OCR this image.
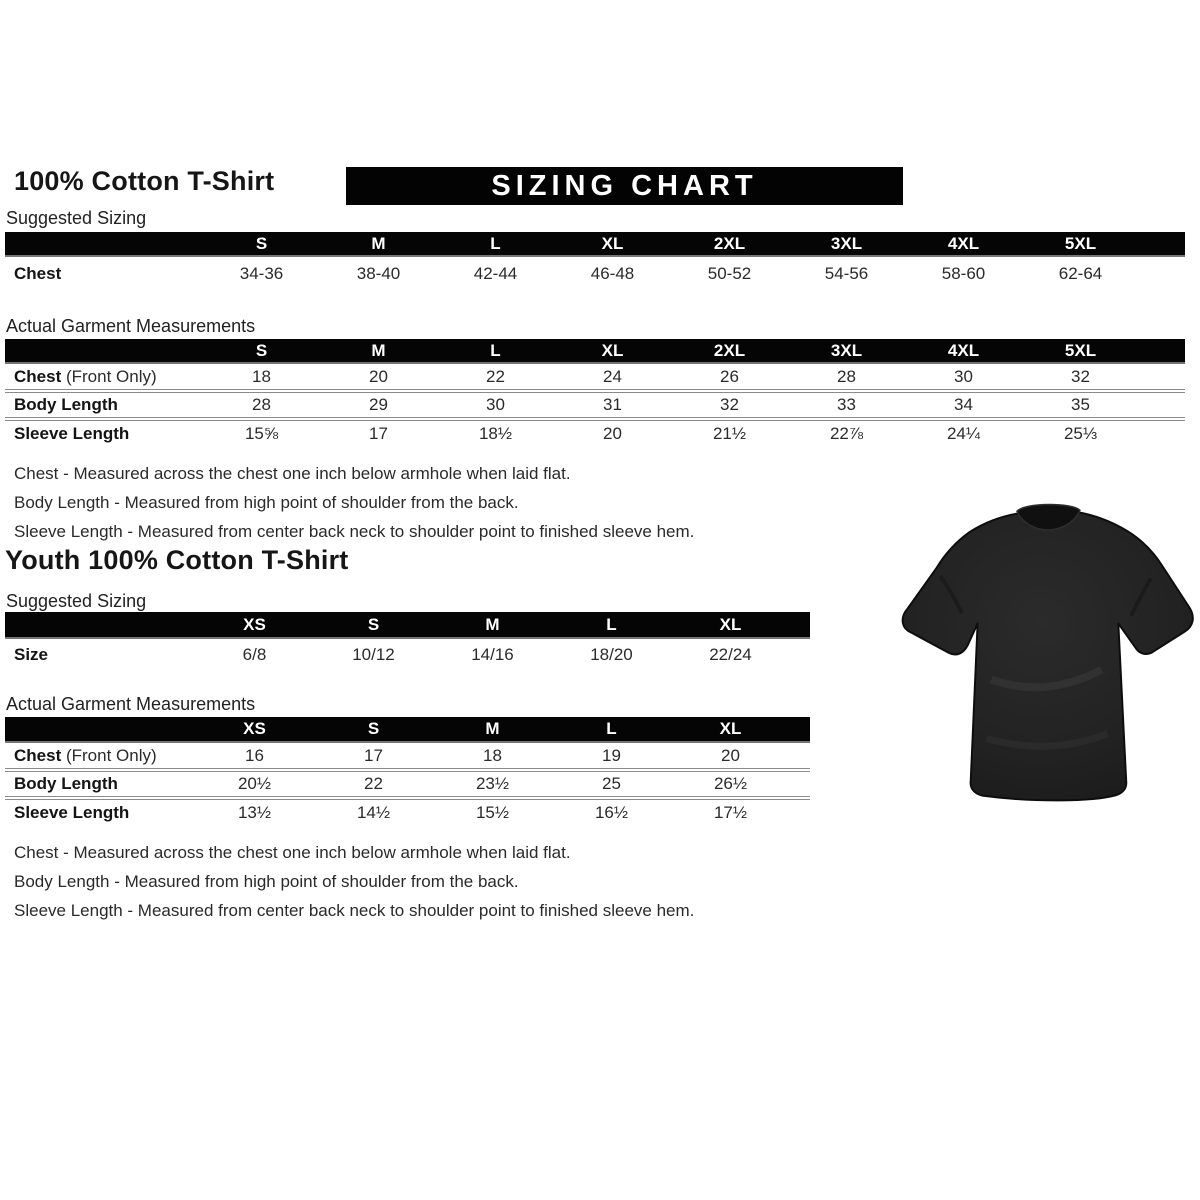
100% Cotton T-Shirt	SIZING CHART
Suggested Sizing
	S	M	L	XL	2XL	3XL	4XL	5XL	
Chest	34-36	38-40	42-44	46-48	50-52	54-56	58-60	62-64	
Actual Garment Measurements
	S	M	L	XL	2XL	3XL	4XL	5XL	
Chest (Front Only)	18	20	22	24	26	28	30	32	
Body Length	28	29	30	31	32	33	34	35	
Sleeve Length	15⅝	17	18½	20	21½	22⅞	24¼	25⅓	
Chest - Measured across the chest one inch below armhole when laid flat.
Body Length - Measured from high point of shoulder from the back.
Sleeve Length - Measured from center back neck to shoulder point to finished sleeve hem.
Youth 100% Cotton T-Shirt
Suggested Sizing
	XS	S	M	L	XL	
Size	6/8	10/12	14/16	18/20	22/24	
Actual Garment Measurements
	XS	S	M	L	XL	
Chest (Front Only)	16	17	18	19	20	
Body Length	20½	22	23½	25	26½	
Sleeve Length	13½	14½	15½	16½	17½	
Chest - Measured across the chest one inch below armhole when laid flat.
Body Length - Measured from high point of shoulder from the back.
Sleeve Length - Measured from center back neck to shoulder point to finished sleeve hem.
